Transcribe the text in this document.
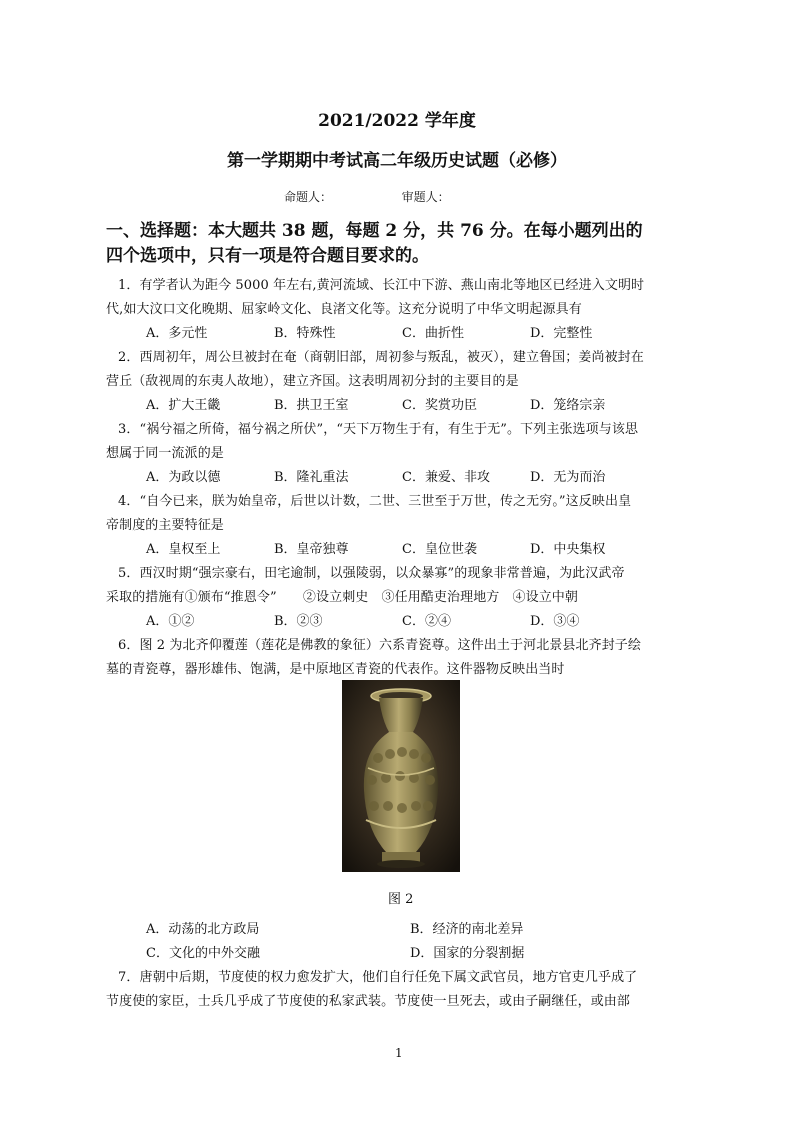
2021/2022 学年度
第一学期期中考试高二年级历史试题（必修）
命题人：	审题人：
一、选择题：本大题共 38 题，每题 2 分，共 76 分。在每小题列出的
四个选项中，只有一项是符合题目要求的。
1．有学者认为距今 5000 年左右,黄河流域、长江中下游、燕山南北等地区已经进入文明时
代,如大汶口文化晚期、屈家岭文化、良渚文化等。这充分说明了中华文明起源具有
A．多元性	B．特殊性	C．曲折性	D．完整性
2．西周初年，周公旦被封在奄（商朝旧部，周初参与叛乱，被灭），建立鲁国；姜尚被封在
营丘（敌视周的东夷人故地），建立齐国。这表明周初分封的主要目的是
A．扩大王畿	B．拱卫王室	C．奖赏功臣	D．笼络宗亲
3．“祸兮福之所倚，福兮祸之所伏”，“天下万物生于有，有生于无”。下列主张选项与该思
想属于同一流派的是
A．为政以德	B．隆礼重法	C．兼爱、非攻	D．无为而治
4．“自今已来，朕为始皇帝，后世以计数，二世、三世至于万世，传之无穷。”这反映出皇
帝制度的主要特征是
A．皇权至上	B．皇帝独尊	C．皇位世袭	D．中央集权
5．西汉时期“强宗豪右，田宅逾制，以强陵弱，以众暴寡”的现象非常普遍，为此汉武帝
采取的措施有①颁布“推恩令”　　②设立刺史　③任用酷吏治理地方　④设立中朝
A．①②	B．②③	C．②④	D．③④
6．图 2 为北齐仰覆莲（莲花是佛教的象征）六系青瓷尊。这件出土于河北景县北齐封子绘
墓的青瓷尊，器形雄伟、饱满，是中原地区青瓷的代表作。这件器物反映出当时
图 2
A．动荡的北方政局	B．经济的南北差异
C．文化的中外交融	D．国家的分裂割据
7．唐朝中后期，节度使的权力愈发扩大，他们自行任免下属文武官员，地方官吏几乎成了
节度使的家臣，士兵几乎成了节度使的私家武装。节度使一旦死去，或由子嗣继任，或由部
1
